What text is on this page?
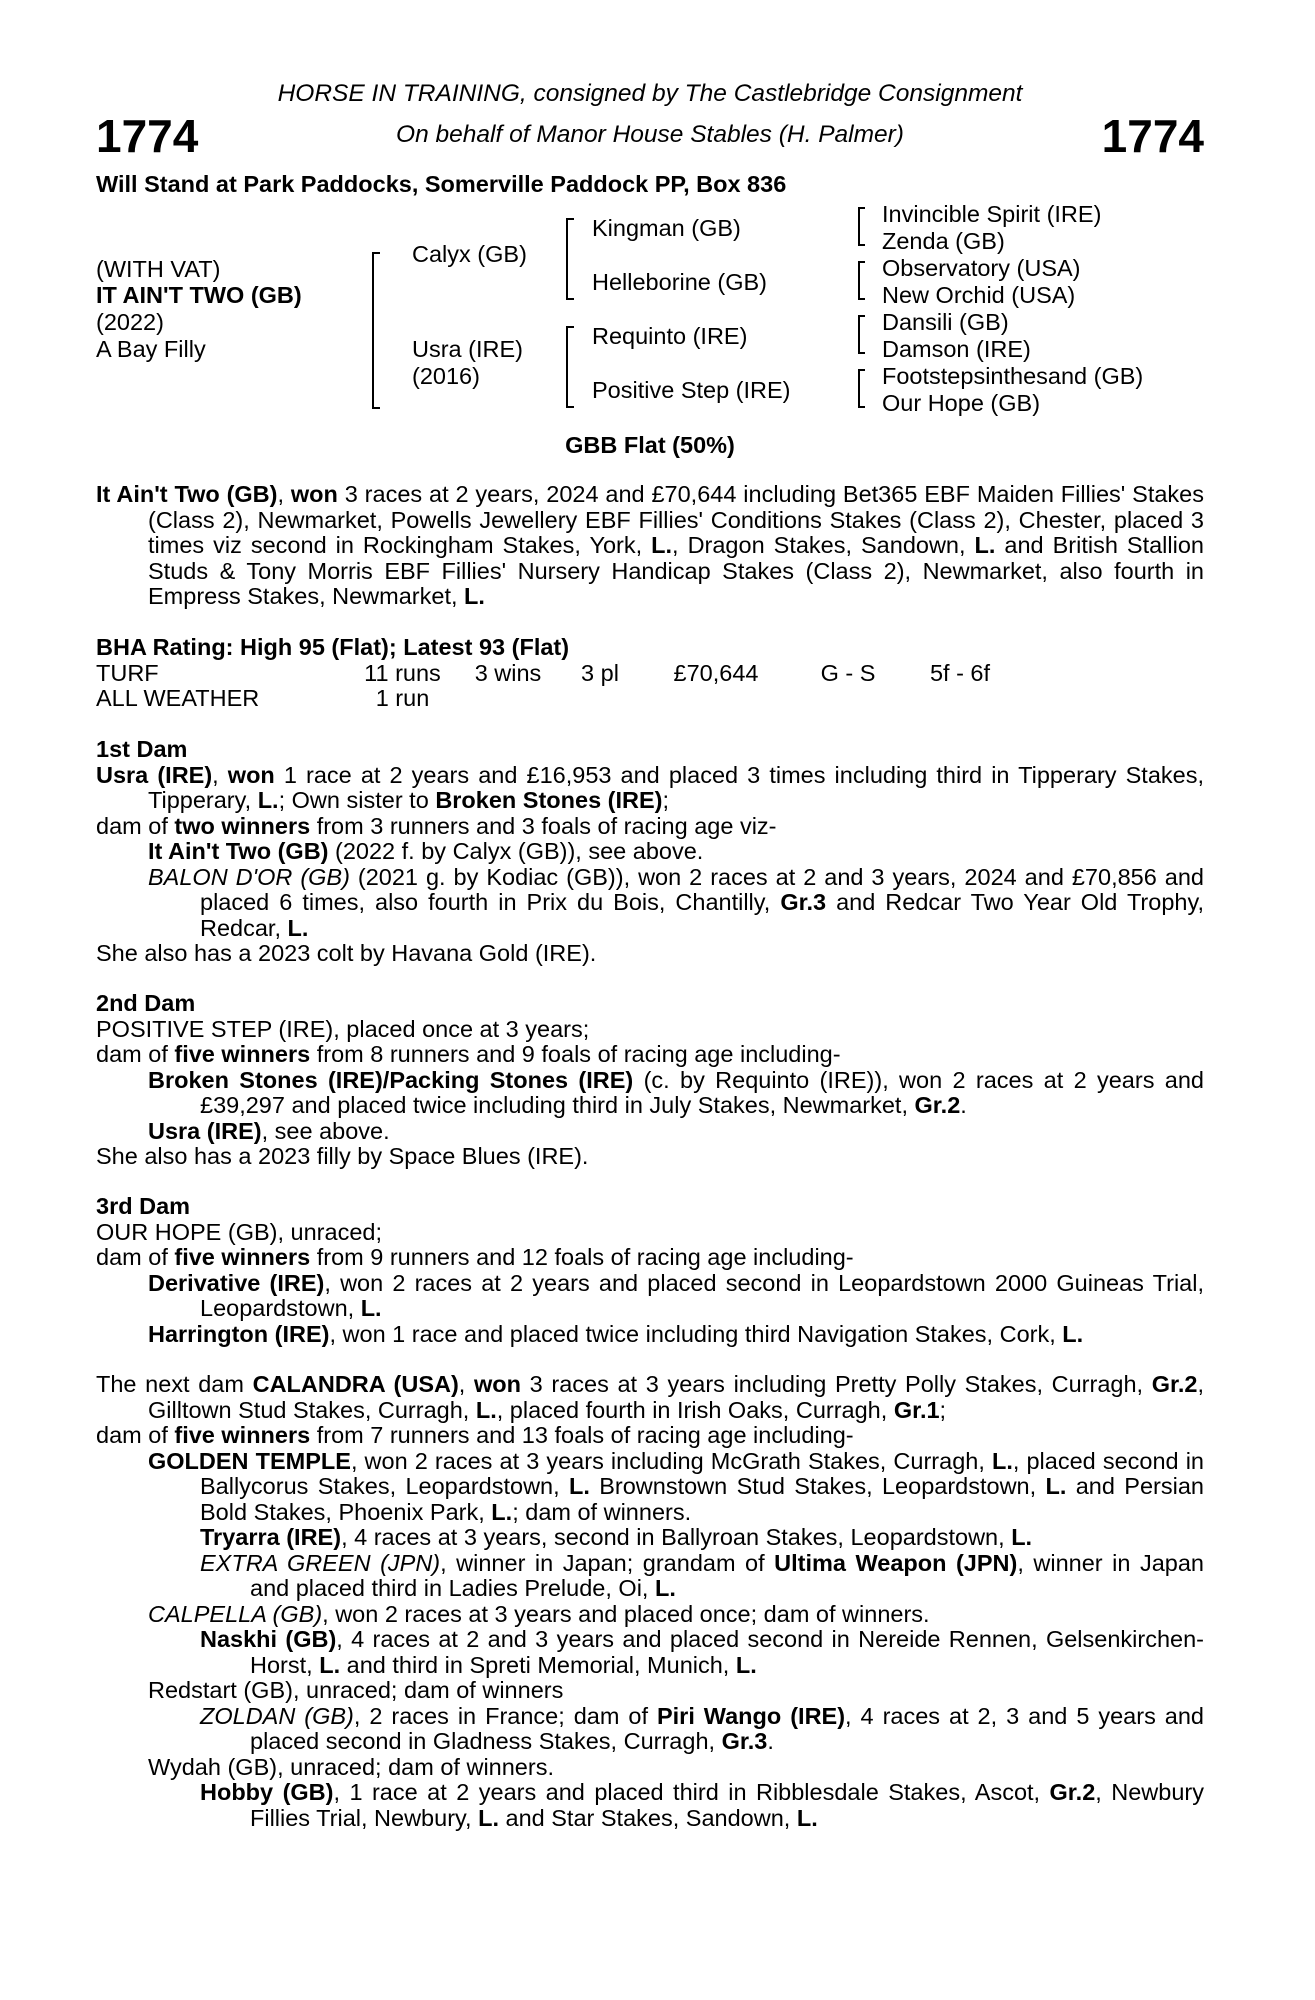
1774	1774
HORSE IN TRAINING, consigned by The Castlebridge Consignment
On behalf of Manor House Stables (H. Palmer)
Will Stand at Park Paddocks, Somerville Paddock PP, Box 836
(WITH VAT)
IT AIN'T TWO (GB)
(2022)
A Bay Filly
Calyx (GB)
Usra (IRE)
(2016)
Kingman (GB)
Helleborine (GB)
Requinto (IRE)
Positive Step (IRE)
Invincible Spirit (IRE)
Zenda (GB)
Observatory (USA)
New Orchid (USA)
Dansili (GB)
Damson (IRE)
Footstepsinthesand (GB)
Our Hope (GB)
GBB Flat (50%)

It Ain't Two (GB), won 3 races at 2 years, 2024 and £70,644 including Bet365 EBF Maiden Fillies' Stakes (Class 2), Newmarket, Powells Jewellery EBF Fillies' Conditions Stakes (Class 2), Chester, placed 3 times viz second in Rockingham Stakes, York, L., Dragon Stakes, Sandown, L. and British Stallion Studs & Tony Morris EBF Fillies' Nursery Handicap Stakes (Class 2), Newmarket, also fourth in Empress Stakes, Newmarket, L.

BHA Rating: High 95 (Flat); Latest 93 (Flat)
TURF	11 runs	3 wins	3 pl	£70,644	G - S	5f - 6f
ALL WEATHER	1 run					
1st Dam

Usra (IRE), won 1 race at 2 years and £16,953 and placed 3 times including third in Tipperary Stakes, Tipperary, L.; Own sister to Broken Stones (IRE);

dam of two winners from 3 runners and 3 foals of racing age viz-

It Ain't Two (GB) (2022 f. by Calyx (GB)), see above.

BALON D'OR (GB) (2021 g. by Kodiac (GB)), won 2 races at 2 and 3 years, 2024 and £70,856 and placed 6 times, also fourth in Prix du Bois, Chantilly, Gr.3 and Redcar Two Year Old Trophy, Redcar, L.

She also has a 2023 colt by Havana Gold (IRE).

2nd Dam

POSITIVE STEP (IRE), placed once at 3 years;

dam of five winners from 8 runners and 9 foals of racing age including-

Broken Stones (IRE)/Packing Stones (IRE) (c. by Requinto (IRE)), won 2 races at 2 years and £39,297 and placed twice including third in July Stakes, Newmarket, Gr.2.

Usra (IRE), see above.

She also has a 2023 filly by Space Blues (IRE).

3rd Dam

OUR HOPE (GB), unraced;

dam of five winners from 9 runners and 12 foals of racing age including-

Derivative (IRE), won 2 races at 2 years and placed second in Leopardstown 2000 Guineas Trial, Leopardstown, L.

Harrington (IRE), won 1 race and placed twice including third Navigation Stakes, Cork, L.

The next dam CALANDRA (USA), won 3 races at 3 years including Pretty Polly Stakes, Curragh, Gr.2, Gilltown Stud Stakes, Curragh, L., placed fourth in Irish Oaks, Curragh, Gr.1;

dam of five winners from 7 runners and 13 foals of racing age including-

GOLDEN TEMPLE, won 2 races at 3 years including McGrath Stakes, Curragh, L., placed second in Ballycorus Stakes, Leopardstown, L. Brownstown Stud Stakes, Leopardstown, L. and Persian Bold Stakes, Phoenix Park, L.; dam of winners.

Tryarra (IRE), 4 races at 3 years, second in Ballyroan Stakes, Leopardstown, L.

EXTRA GREEN (JPN), winner in Japan; grandam of Ultima Weapon (JPN), winner in Japan and placed third in Ladies Prelude, Oi, L.

CALPELLA (GB), won 2 races at 3 years and placed once; dam of winners.

Naskhi (GB), 4 races at 2 and 3 years and placed second in Nereide Rennen, Gelsenkirchen-Horst, L. and third in Spreti Memorial, Munich, L.

Redstart (GB), unraced; dam of winners

ZOLDAN (GB), 2 races in France; dam of Piri Wango (IRE), 4 races at 2, 3 and 5 years and placed second in Gladness Stakes, Curragh, Gr.3.

Wydah (GB), unraced; dam of winners.

Hobby (GB), 1 race at 2 years and placed third in Ribblesdale Stakes, Ascot, Gr.2, Newbury Fillies Trial, Newbury, L. and Star Stakes, Sandown, L.
